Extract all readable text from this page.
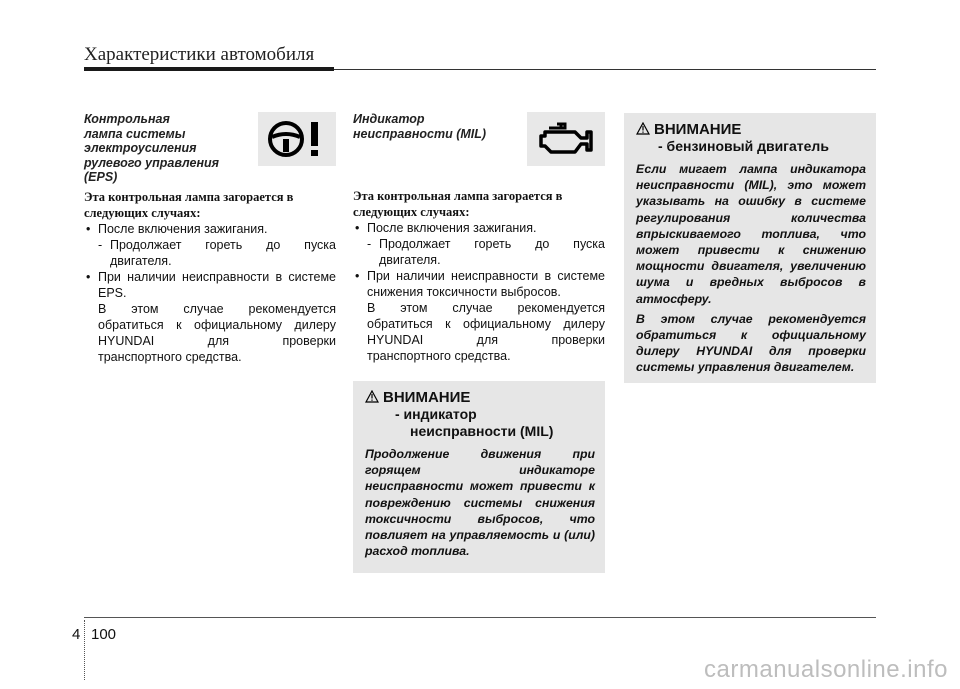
Характеристики автомобиля
Контрольная
лампа системы
электроусиления
рулевого управления
(EPS)
Эта контрольная лампа загорается в
следующих случаях:
• После включения зажигания.
- Продолжает гореть до пуска двигателя.
• При наличии неисправности в системе EPS.
В этом случае рекомендуется
обратиться к официальному дилеру
HYUNDAI для проверки
транспортного средства.
Индикатор
неисправности (MIL)
Эта контрольная лампа загорается в
следующих случаях:
• После включения зажигания.
- Продолжает гореть до пуска двигателя.
• При наличии неисправности в системе снижения токсичности выбросов.
В этом случае рекомендуется
обратиться к официальному дилеру
HYUNDAI для проверки
транспортного средства.
ВНИМАНИЕ
- индикатор
неисправности (MIL)
Продолжение движения при горящем индикаторе неисправности может привести к повреждению системы снижения токсичности выбросов, что повлияет на управляемость и (или) расход топлива.
ВНИМАНИЕ
- бензиновый двигатель
Если мигает лампа индикатора неисправности (MIL), это может указывать на ошибку в системе регулирования количества впрыскиваемого топлива, что может привести к снижению мощности двигателя, увеличению шума и вредных выбросов в атмосферу.
В этом случае рекомендуется обратиться к официальному дилеру HYUNDAI для проверки системы управления двигателем.
4 100
carmanualsonline.info
